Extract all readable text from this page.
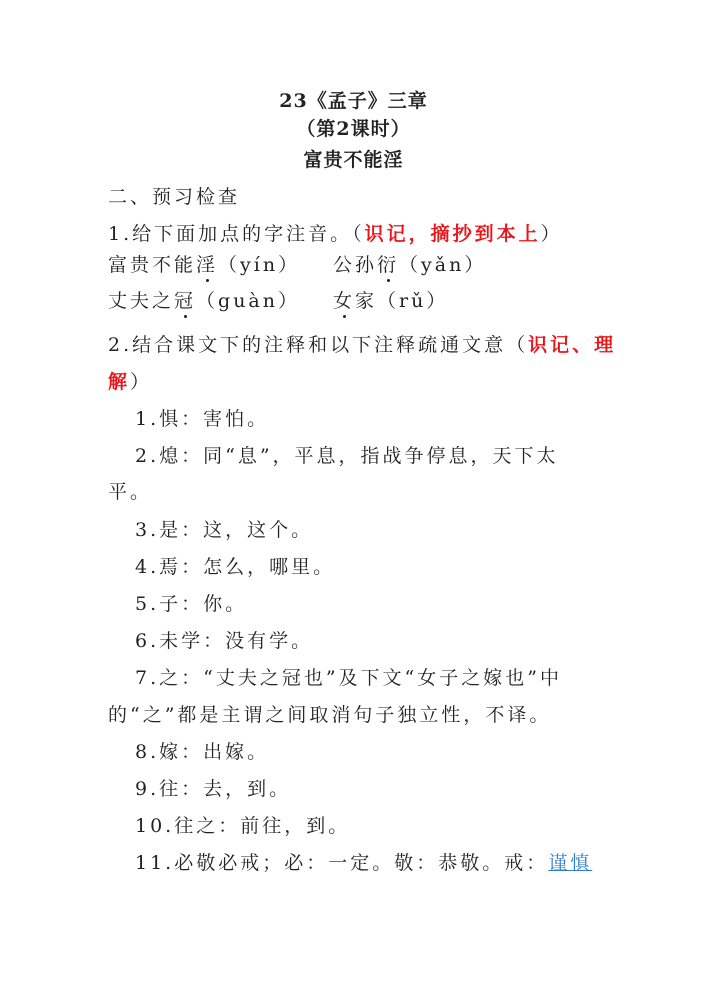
23《孟子》三章
（第2课时）
富贵不能淫
二、预习检查
1.给下面加点的字注音。（识记，摘抄到本上）
富贵不能淫（yín） 公孙衍（yǎn）
丈夫之冠（guàn） 女家（rǔ）
2.结合课文下的注释和以下注释疏通文意（识记、理
解）
1.惧：害怕。
2.熄：同“息”，平息，指战争停息，天下太
平。
3.是：这，这个。
4.焉：怎么，哪里。
5.子：你。
6.未学：没有学。
7.之：“丈夫之冠也”及下文“女子之嫁也”中
的“之”都是主谓之间取消句子独立性，不译。
8.嫁：出嫁。
9.往：去，到。
10.往之：前往，到。
11.必敬必戒；必：一定。敬：恭敬。戒：谨慎
